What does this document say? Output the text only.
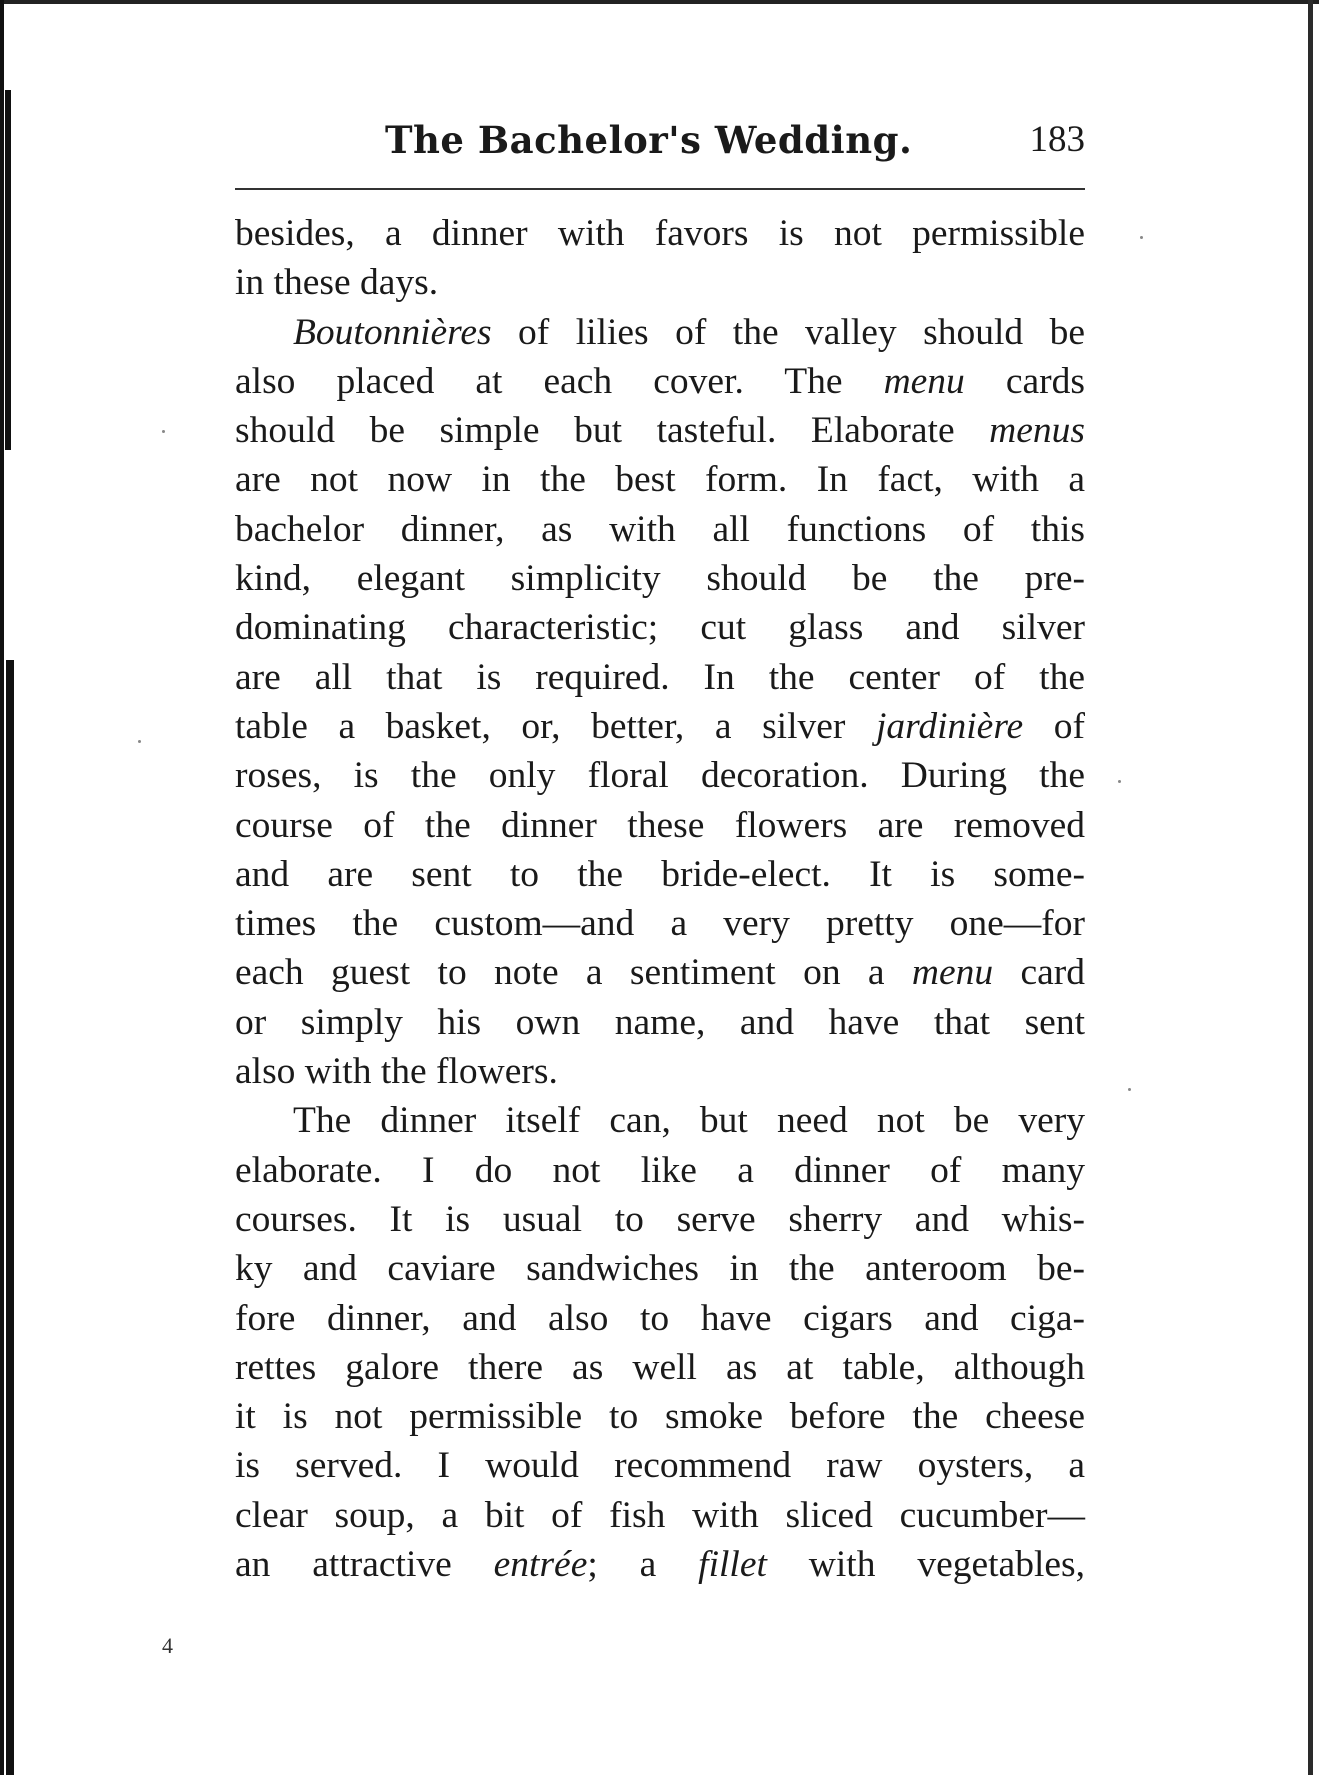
The Bachelor's Wedding.	183
besides, a dinner with favors is not permissible
in these days.
Boutonnières of lilies of the valley should be
also placed at each cover. The menu cards
should be simple but tasteful. Elaborate menus
are not now in the best form. In fact, with a
bachelor dinner, as with all functions of this
kind, elegant simplicity should be the pre-
dominating characteristic; cut glass and silver
are all that is required. In the center of the
table a basket, or, better, a silver jardinière of
roses, is the only floral decoration. During the
course of the dinner these flowers are removed
and are sent to the bride-elect. It is some-
times the custom—and a very pretty one—for
each guest to note a sentiment on a menu card
or simply his own name, and have that sent
also with the flowers.
The dinner itself can, but need not be very
elaborate. I do not like a dinner of many
courses. It is usual to serve sherry and whis-
ky and caviare sandwiches in the anteroom be-
fore dinner, and also to have cigars and ciga-
rettes galore there as well as at table, although
it is not permissible to smoke before the cheese
is served. I would recommend raw oysters, a
clear soup, a bit of fish with sliced cucumber—
an attractive entrée; a fillet with vegetables,
4
